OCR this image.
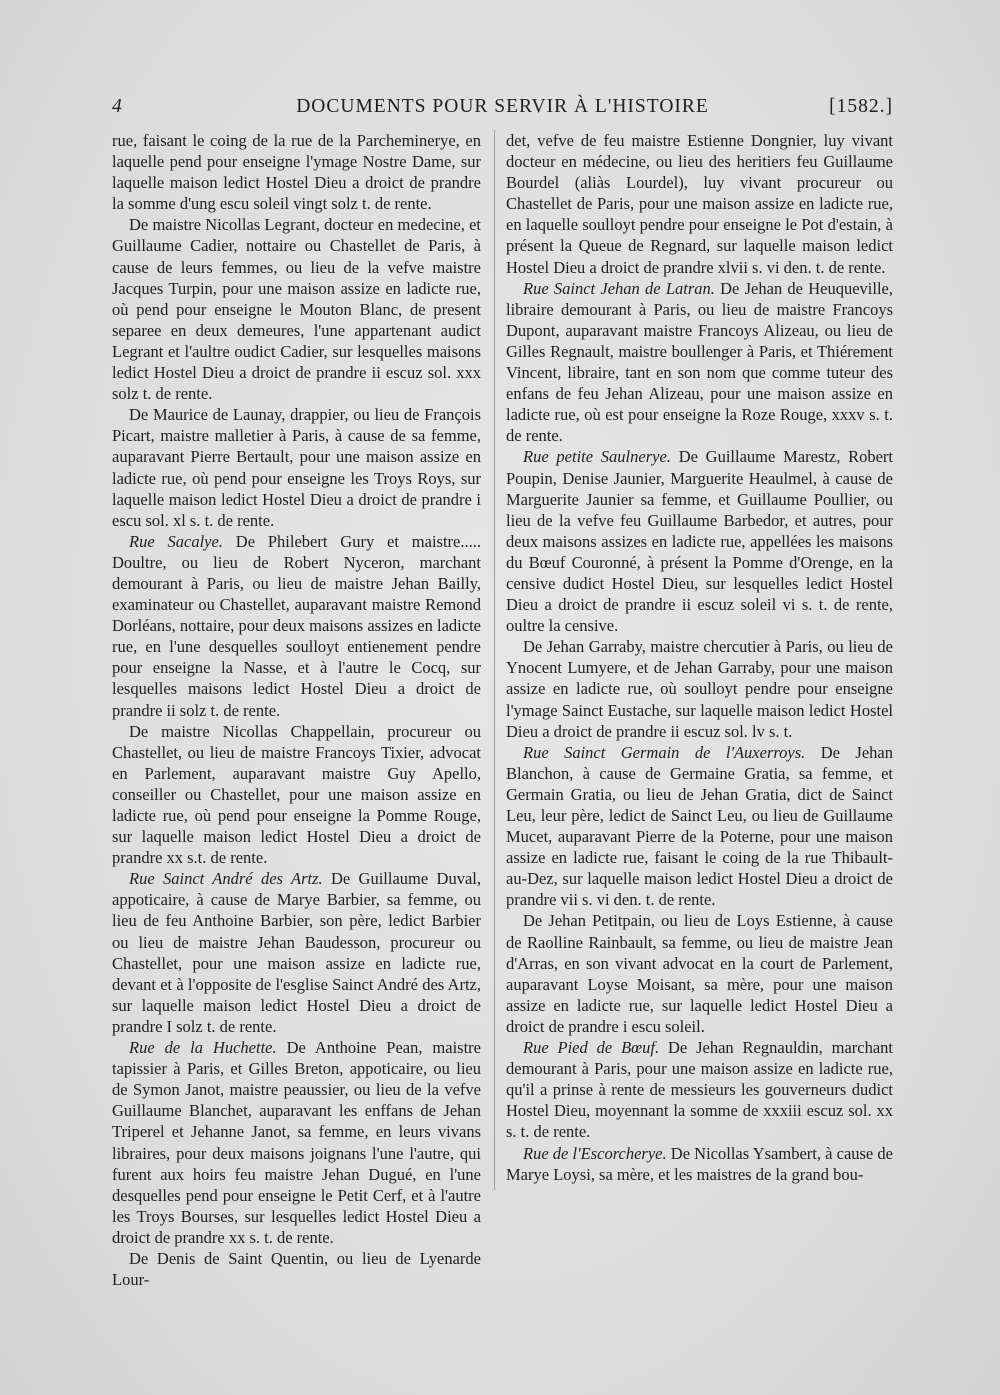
4	DOCUMENTS POUR SERVIR À L'HISTOIRE	[1582.]

rue, faisant le coing de la rue de la Parcheminerye, en laquelle pend pour enseigne l'ymage Nostre Dame, sur laquelle maison ledict Hostel Dieu a droict de prandre la somme d'ung escu soleil vingt solz t. de rente.

De maistre Nicollas Legrant, docteur en medecine, et Guillaume Cadier, nottaire ou Chastellet de Paris, à cause de leurs femmes, ou lieu de la vefve maistre Jacques Turpin, pour une maison assize en ladicte rue, où pend pour enseigne le Mouton Blanc, de present separee en deux demeures, l'une appartenant audict Legrant et l'aultre oudict Cadier, sur lesquelles maisons ledict Hostel Dieu a droict de prandre ii escuz sol. xxx solz t. de rente.

De Maurice de Launay, drappier, ou lieu de François Picart, maistre malletier à Paris, à cause de sa femme, auparavant Pierre Bertault, pour une maison assize en ladicte rue, où pend pour enseigne les Troys Roys, sur laquelle maison ledict Hostel Dieu a droict de prandre i escu sol. xl s. t. de rente.

Rue Sacalye. De Philebert Gury et maistre..... Doultre, ou lieu de Robert Nyceron, marchant demourant à Paris, ou lieu de maistre Jehan Bailly, examinateur ou Chastellet, auparavant maistre Remond Dorléans, nottaire, pour deux maisons assizes en ladicte rue, en l'une desquelles soulloyt entienement pendre pour enseigne la Nasse, et à l'autre le Cocq, sur lesquelles maisons ledict Hostel Dieu a droict de prandre ii solz t. de rente.

De maistre Nicollas Chappellain, procureur ou Chastellet, ou lieu de maistre Francoys Tixier, advocat en Parlement, auparavant maistre Guy Apello, conseiller ou Chastellet, pour une maison assize en ladicte rue, où pend pour enseigne la Pomme Rouge, sur laquelle maison ledict Hostel Dieu a droict de prandre xx s.t. de rente.

Rue Sainct André des Artz. De Guillaume Duval, appoticaire, à cause de Marye Barbier, sa femme, ou lieu de feu Anthoine Barbier, son père, ledict Barbier ou lieu de maistre Jehan Baudesson, procureur ou Chastellet, pour une maison assize en ladicte rue, devant et à l'opposite de l'esglise Sainct André des Artz, sur laquelle maison ledict Hostel Dieu a droict de prandre I solz t. de rente.

Rue de la Huchette. De Anthoine Pean, maistre tapissier à Paris, et Gilles Breton, appoticaire, ou lieu de Symon Janot, maistre peaussier, ou lieu de la vefve Guillaume Blanchet, auparavant les enffans de Jehan Triperel et Jehanne Janot, sa femme, en leurs vivans libraires, pour deux maisons joignans l'une l'autre, qui furent aux hoirs feu maistre Jehan Dugué, en l'une desquelles pend pour enseigne le Petit Cerf, et à l'autre les Troys Bourses, sur lesquelles ledict Hostel Dieu a droict de prandre xx s. t. de rente.

De Denis de Saint Quentin, ou lieu de Lyenarde Lour-

det, vefve de feu maistre Estienne Dongnier, luy vivant docteur en médecine, ou lieu des heritiers feu Guillaume Bourdel (aliàs Lourdel), luy vivant procureur ou Chastellet de Paris, pour une maison assize en ladicte rue, en laquelle soulloyt pendre pour enseigne le Pot d'estain, à présent la Queue de Regnard, sur laquelle maison ledict Hostel Dieu a droict de prandre xlvii s. vi den. t. de rente.

Rue Sainct Jehan de Latran. De Jehan de Heuqueville, libraire demourant à Paris, ou lieu de maistre Francoys Dupont, auparavant maistre Francoys Alizeau, ou lieu de Gilles Regnault, maistre boullenger à Paris, et Thiérement Vincent, libraire, tant en son nom que comme tuteur des enfans de feu Jehan Alizeau, pour une maison assize en ladicte rue, où est pour enseigne la Roze Rouge, xxxv s. t. de rente.

Rue petite Saulnerye. De Guillaume Marestz, Robert Poupin, Denise Jaunier, Marguerite Heaulmel, à cause de Marguerite Jaunier sa femme, et Guillaume Poullier, ou lieu de la vefve feu Guillaume Barbedor, et autres, pour deux maisons assizes en ladicte rue, appellées les maisons du Bœuf Couronné, à présent la Pomme d'Orenge, en la censive dudict Hostel Dieu, sur lesquelles ledict Hostel Dieu a droict de prandre ii escuz soleil vi s. t. de rente, oultre la censive.

De Jehan Garraby, maistre chercutier à Paris, ou lieu de Ynocent Lumyere, et de Jehan Garraby, pour une maison assize en ladicte rue, où soulloyt pendre pour enseigne l'ymage Sainct Eustache, sur laquelle maison ledict Hostel Dieu a droict de prandre ii escuz sol. lv s. t.

Rue Sainct Germain de l'Auxerroys. De Jehan Blanchon, à cause de Germaine Gratia, sa femme, et Germain Gratia, ou lieu de Jehan Gratia, dict de Sainct Leu, leur père, ledict de Sainct Leu, ou lieu de Guillaume Mucet, auparavant Pierre de la Poterne, pour une maison assize en ladicte rue, faisant le coing de la rue Thibault-au-Dez, sur laquelle maison ledict Hostel Dieu a droict de prandre vii s. vi den. t. de rente.

De Jehan Petitpain, ou lieu de Loys Estienne, à cause de Raolline Rainbault, sa femme, ou lieu de maistre Jean d'Arras, en son vivant advocat en la court de Parlement, auparavant Loyse Moisant, sa mère, pour une maison assize en ladicte rue, sur laquelle ledict Hostel Dieu a droict de prandre i escu soleil.

Rue Pied de Bœuf. De Jehan Regnauldin, marchant demourant à Paris, pour une maison assize en ladicte rue, qu'il a prinse à rente de messieurs les gouverneurs dudict Hostel Dieu, moyennant la somme de xxxiii escuz sol. xx s. t. de rente.

Rue de l'Escorcherye. De Nicollas Ysambert, à cause de Marye Loysi, sa mère, et les maistres de la grand bou-
